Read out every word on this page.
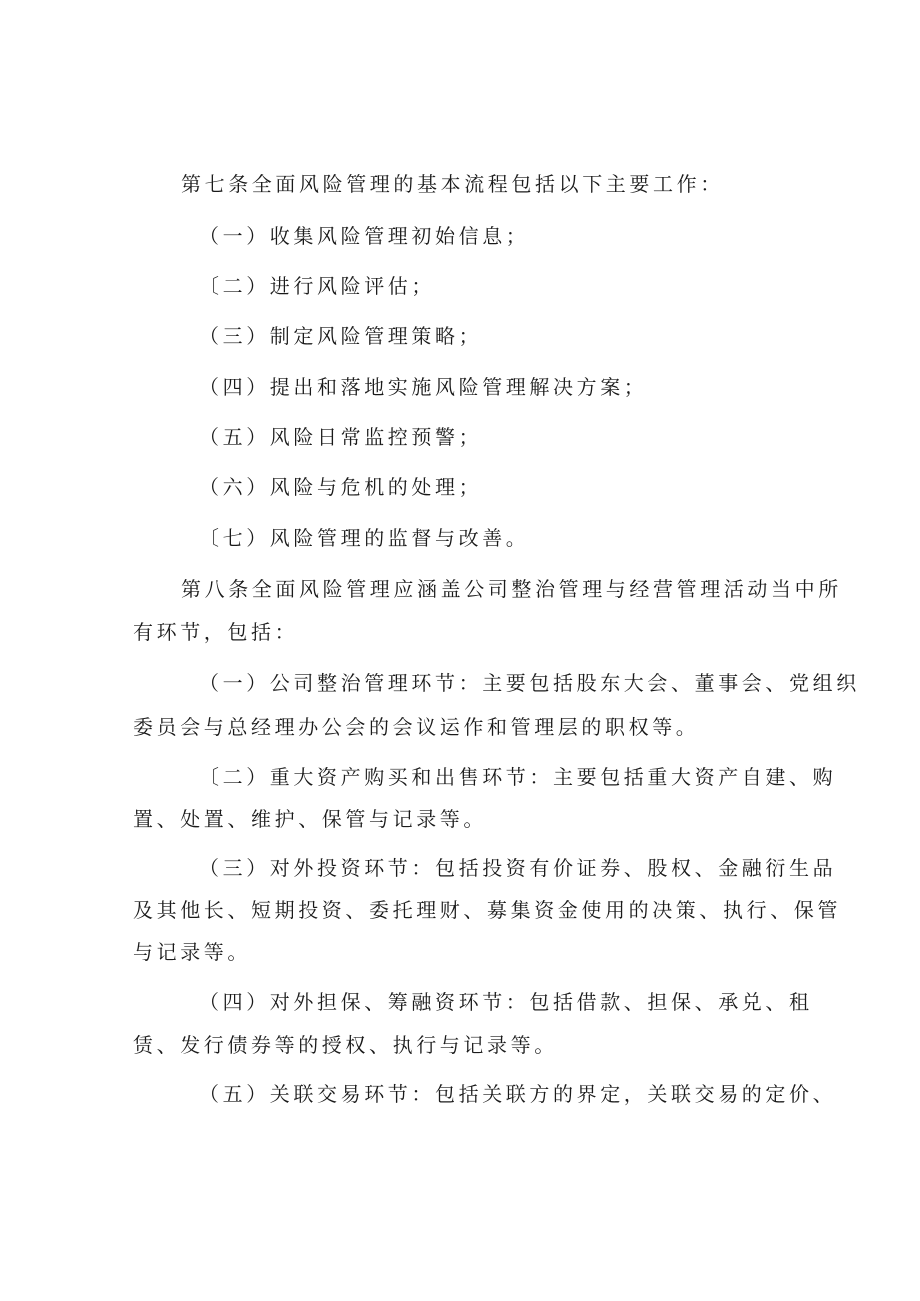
第七条全面风险管理的基本流程包括以下主要工作：
（一）收集风险管理初始信息；
〔二）进行风险评估；
（三）制定风险管理策略；
（四）提出和落地实施风险管理解决方案；
（五）风险日常监控预警；
（六）风险与危机的处理；
〔七）风险管理的监督与改善。
第八条全面风险管理应涵盖公司整治管理与经营管理活动当中所
有环节，包括：
（一）公司整治管理环节：主要包括股东大会、董事会、党组织
委员会与总经理办公会的会议运作和管理层的职权等。
〔二）重大资产购买和出售环节：主要包括重大资产自建、购
置、处置、维护、保管与记录等。
（三）对外投资环节：包括投资有价证券、股权、金融衍生品
及其他长、短期投资、委托理财、募集资金使用的决策、执行、保管
与记录等。
（四）对外担保、筹融资环节：包括借款、担保、承兑、租
赁、发行债券等的授权、执行与记录等。
（五）关联交易环节：包括关联方的界定，关联交易的定价、
